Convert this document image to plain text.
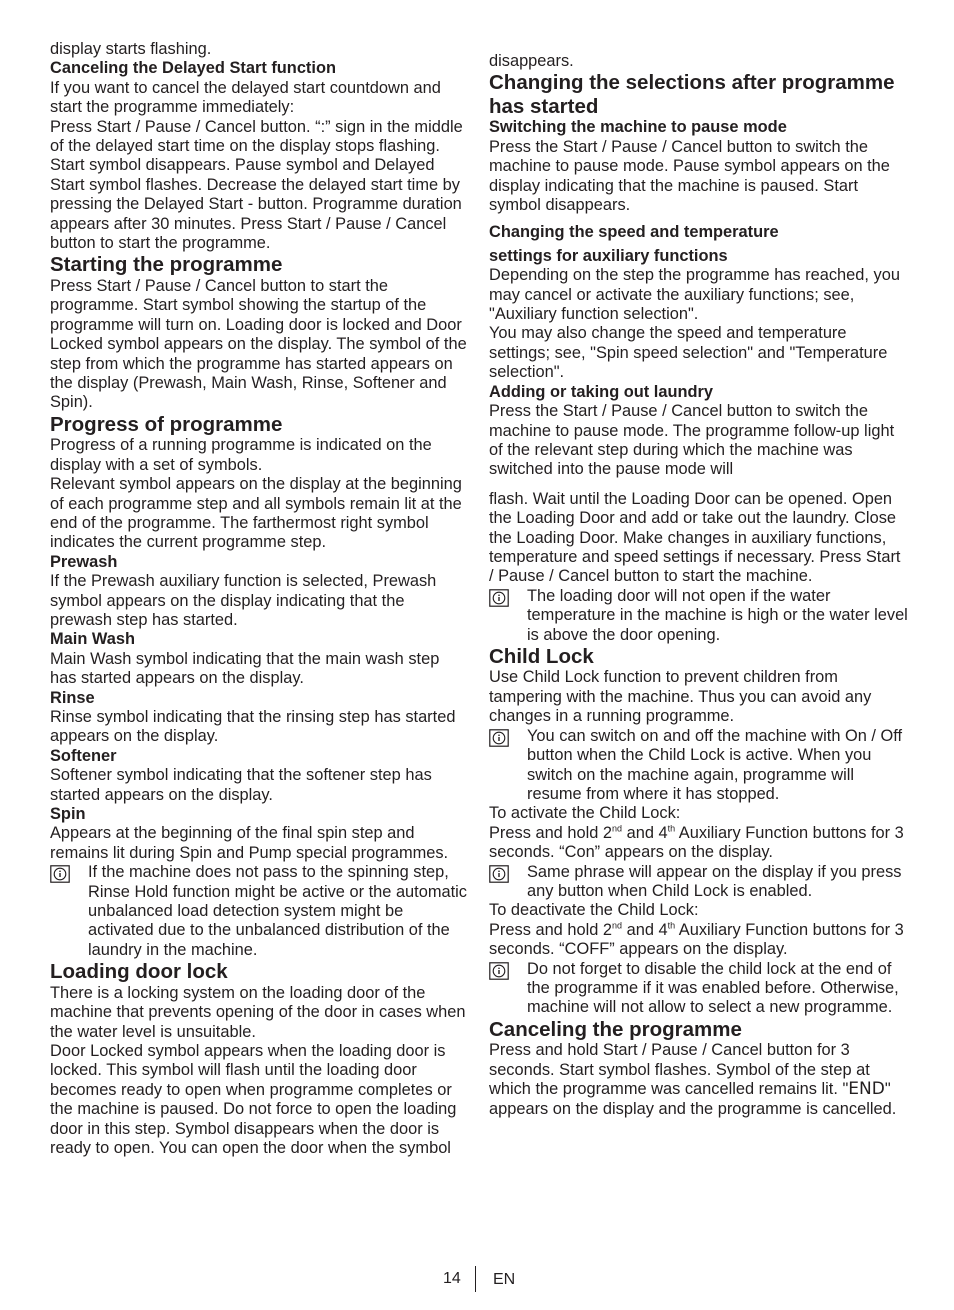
display starts flashing.

Canceling the Delayed Start function

If you want to cancel the delayed start countdown and start the programme immediately:

Press Start / Pause / Cancel button. “:” sign in the middle of the delayed start time on the display stops flashing. Start symbol disappears. Pause symbol and Delayed Start symbol flashes. Decrease the delayed start time by pressing the Delayed Start - button. Programme duration appears after 30 minutes. Press Start / Pause / Cancel button to start the programme.

Starting the programme

Press Start / Pause / Cancel button to start the programme. Start symbol showing the startup of the programme will turn on. Loading door is locked and Door Locked symbol appears on the display. The symbol of the step from which the programme has started appears on the display (Prewash, Main Wash, Rinse, Softener and Spin).

Progress of programme

Progress of a running programme is indicated on the display with a set of symbols.

Relevant symbol appears on the display at the beginning of each programme step and all symbols remain lit at the end of the programme. The farthermost right symbol indicates the current programme step.

Prewash

If the Prewash auxiliary function is selected, Prewash symbol appears on the display indicating that the prewash step has started.

Main Wash

Main Wash symbol indicating that the main wash step has started appears on the display.

Rinse

Rinse symbol indicating that the rinsing step has started appears on the display.

Softener

Softener symbol indicating that the softener step has started appears on the display.

Spin

Appears at the beginning of the final spin step and remains lit during Spin and Pump special programmes.

If the machine does not pass to the spinning step, Rinse Hold function might be active or the automatic unbalanced load detection system might be activated due to the unbalanced distribution of the laundry in the machine.
Loading door lock

There is a locking system on the loading door of the machine that prevents opening of the door in cases when the water level is unsuitable.

Door Locked symbol appears when the loading door is locked. This symbol will flash until the loading door becomes ready to open when programme completes or the machine is paused. Do not force to open the loading door in this step. Symbol disappears when the door is ready to open. You can open the door when the symbol

disappears.

Changing the selections after programme has started
Switching the machine to pause mode

Press the Start / Pause / Cancel button to switch the machine to pause mode. Pause symbol appears on the display indicating that the machine is paused. Start symbol disappears.

Changing the speed and temperature
settings for auxiliary functions

Depending on the step the programme has reached, you may cancel or activate the auxiliary functions; see, "Auxiliary function selection".

You may also change the speed and temperature settings; see, "Spin speed selection" and "Temperature selection".

Adding or taking out laundry

Press the Start / Pause / Cancel button to switch the machine to pause mode. The programme follow-up light of the relevant step during which the machine was switched into the pause mode will

flash. Wait until the Loading Door can be opened. Open the Loading Door and add or take out the laundry. Close the Loading Door. Make changes in auxiliary functions, temperature and speed settings if necessary. Press Start / Pause / Cancel button to start the machine.

The loading door will not open if the water temperature in the machine is high or the water level is above the door opening.
Child Lock

Use Child Lock function to prevent children from tampering with the machine. Thus you can avoid any changes in a running programme.

You can switch on and off the machine with On / Off button when the Child Lock is active. When you switch on the machine again, programme will resume from where it has stopped.

To activate the Child Lock:

Press and hold 2nd and 4th Auxiliary Function buttons for 3 seconds. “Con” appears on the display.

Same phrase will appear on the display if you press any button when Child Lock is enabled.

To deactivate the Child Lock:

Press and hold 2nd and 4th Auxiliary Function buttons for 3 seconds. “COFF” appears on the display.

Do not forget to disable the child lock at the end of the programme if it was enabled before. Otherwise, machine will not allow to select a new programme.
Canceling the programme

Press and hold Start / Pause / Cancel button for 3 seconds. Start symbol flashes. Symbol of the step at which the programme was cancelled remains lit. "END" appears on the display and the programme is cancelled.

14 EN
